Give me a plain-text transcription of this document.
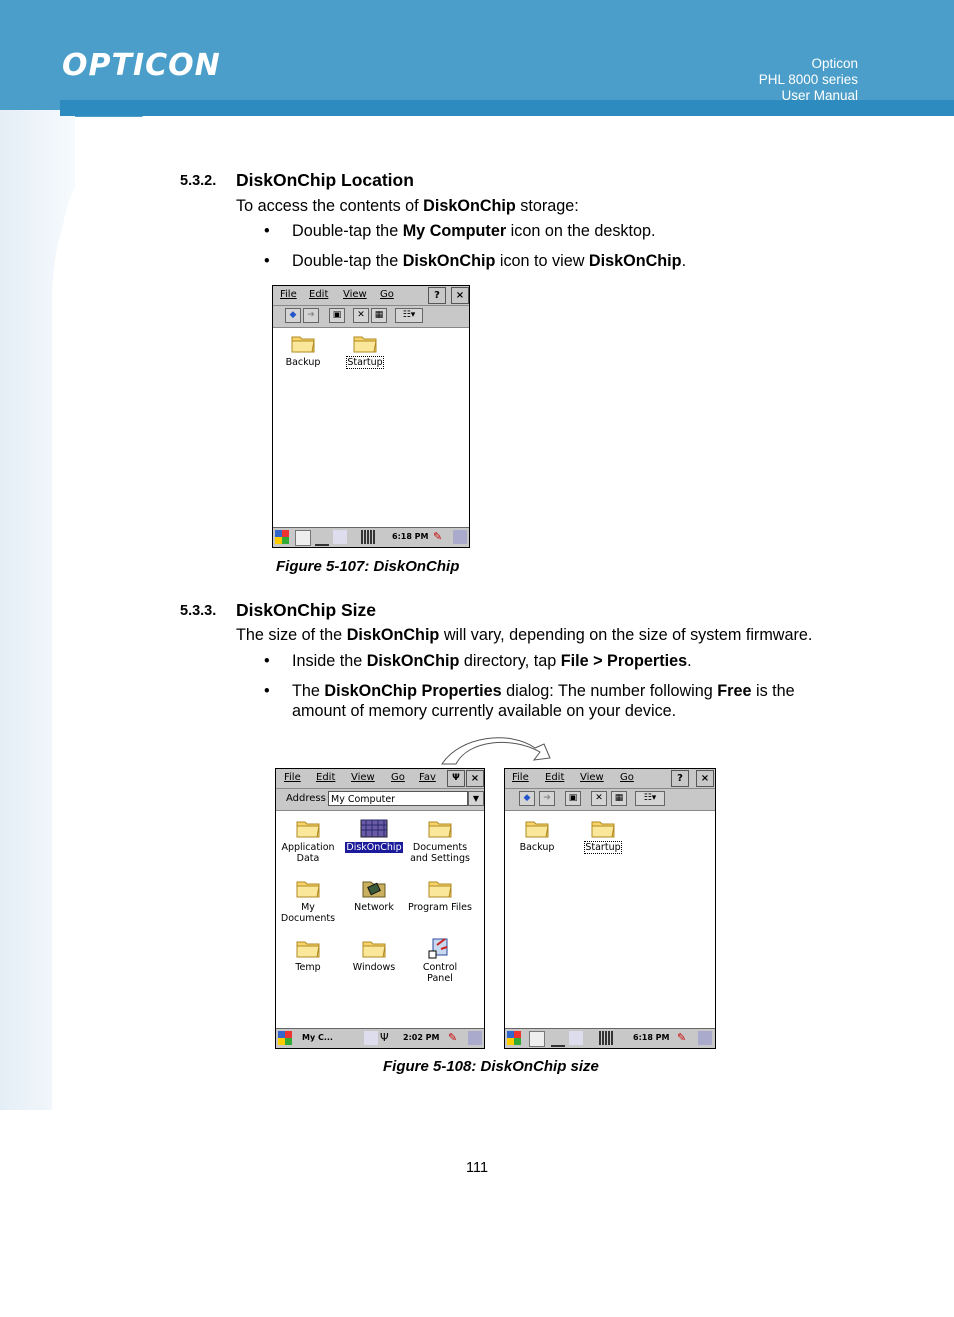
OPTICON	Opticon
PHL 8000 series
User Manual
5.3.2. DiskOnChip Location
To access the contents of DiskOnChip storage:
• Double-tap the My Computer icon on the desktop.
• Double-tap the DiskOnChip icon to view DiskOnChip.
File Edit View Go	?	×
◆	➔	▣	✕	▦	☷▾
Backup	Startup
6:18 PM ✎
Figure 5-107: DiskOnChip
5.3.3. DiskOnChip Size
The size of the DiskOnChip will vary, depending on the size of system firmware.
• Inside the DiskOnChip directory, tap File > Properties.
• The DiskOnChip Properties dialog: The number following Free is the
amount of memory currently available on your device.
File Edit View Go Fav	Ψ	×
Address My Computer	▼
Application
Data
DiskOnChip	Documents
and Settings
My
Documents
Network	Program Files
Temp	Windows	Control
Panel
My C...	Ψ	2:02 PM ✎
File Edit View Go	?	×
◆	➔	▣	✕	▦	☷▾
Backup	Startup
6:18 PM ✎
Figure 5-108: DiskOnChip size
111
